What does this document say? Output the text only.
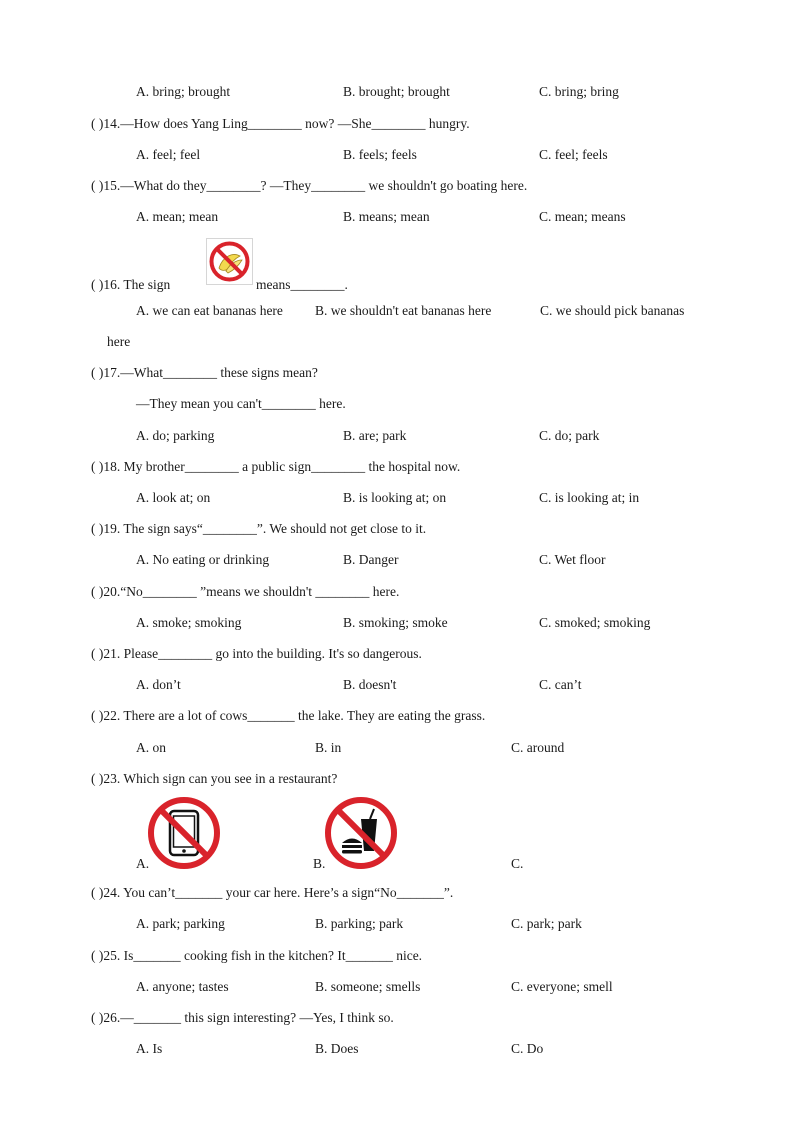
A. bring; brought	B. brought; brought	C. bring; bring
( )14.—How does Yang Ling________ now? —She________ hungry.
A. feel; feel	B. feels; feels	C. feel; feels
( )15.—What do they________? —They________ we shouldn't go boating here.
A. mean; mean	B. means; mean	C. mean; means
( )16. The sign	means________.
A. we can eat bananas here B. we shouldn't eat bananas here	C. we should pick bananas
here
( )17.—What________ these signs mean?
—They mean you can't________ here.
A. do; parking	B. are; park	C. do; park
( )18. My brother________ a public sign________ the hospital now.
A. look at; on	B. is looking at; on	C. is looking at; in
( )19. The sign says“________”. We should not get close to it.
A. No eating or drinking	B. Danger	C. Wet floor
( )20.“No________ ”means we shouldn't ________ here.
A. smoke; smoking	B. smoking; smoke	C. smoked; smoking
( )21. Please________ go into the building. It's so dangerous.
A. don’t	B. doesn't	C. can’t
( )22. There are a lot of cows_______ the lake. They are eating the grass.
A. on	B. in	C. around
( )23. Which sign can you see in a restaurant?
A.	B.	C.
( )24. You can’t_______ your car here. Here’s a sign“No_______”.
A. park; parking	B. parking; park	C. park; park
( )25. Is_______ cooking fish in the kitchen? It_______ nice.
A. anyone; tastes	B. someone; smells	C. everyone; smell
( )26.—_______ this sign interesting? —Yes, I think so.
A. Is	B. Does	C. Do
